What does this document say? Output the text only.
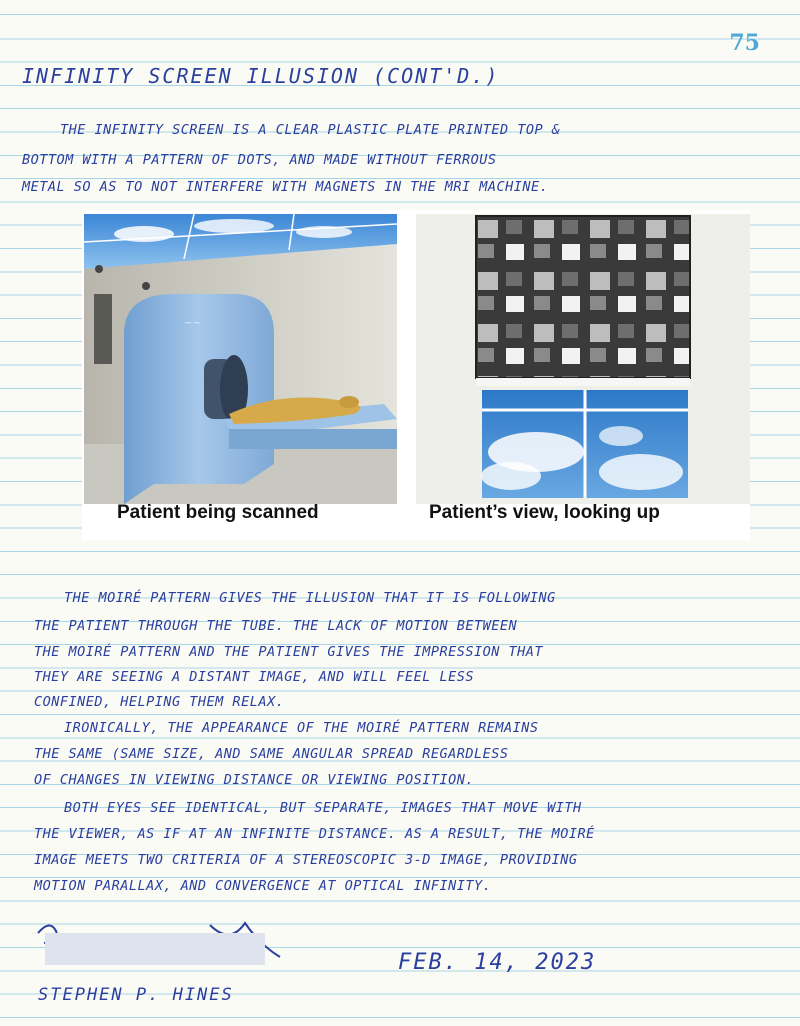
75
INFINITY SCREEN ILLUSION (CONT'D.)
THE INFINITY SCREEN IS A CLEAR PLASTIC PLATE PRINTED TOP &
BOTTOM WITH A PATTERN OF DOTS, AND MADE WITHOUT FERROUS
METAL SO AS TO NOT INTERFERE WITH MAGNETS IN THE MRI MACHINE.
~~
Patient being scanned	Patient’s view, looking up
THE MOIRÉ PATTERN GIVES THE ILLUSION THAT IT IS FOLLOWING
THE PATIENT THROUGH THE TUBE. THE LACK OF MOTION BETWEEN
THE MOIRÉ PATTERN AND THE PATIENT GIVES THE IMPRESSION THAT
THEY ARE SEEING A DISTANT IMAGE, AND WILL FEEL LESS
CONFINED, HELPING THEM RELAX.
IRONICALLY, THE APPEARANCE OF THE MOIRÉ PATTERN REMAINS
THE SAME (SAME SIZE, AND SAME ANGULAR SPREAD REGARDLESS
OF CHANGES IN VIEWING DISTANCE OR VIEWING POSITION.
BOTH EYES SEE IDENTICAL, BUT SEPARATE, IMAGES THAT MOVE WITH
THE VIEWER, AS IF AT AN INFINITE DISTANCE. AS A RESULT, THE MOIRÉ
IMAGE MEETS TWO CRITERIA OF A STEREOSCOPIC 3-D IMAGE, PROVIDING
MOTION PARALLAX, AND CONVERGENCE AT OPTICAL INFINITY.
STEPHEN P. HINES
FEB. 14, 2023
